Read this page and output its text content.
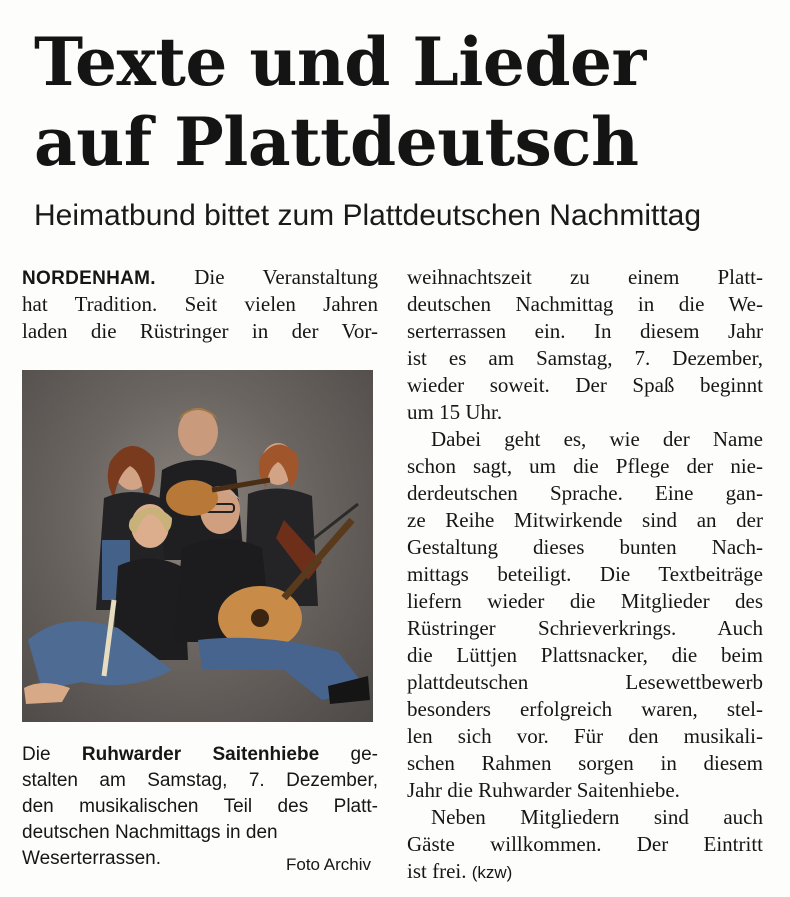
Texte und Lieder
auf Plattdeutsch
Heimatbund bittet zum Plattdeutschen Nachmittag
NORDENHAM. Die Veranstaltung
hat Tradition. Seit vielen Jahren
laden die Rüstringer in der Vor-
Die Ruhwarder Saitenhiebe ge-
stalten am Samstag, 7. Dezember,
den musikalischen Teil des Platt-
deutschen Nachmittags in den
Weserterrassen.	Foto Archiv
weihnachtszeit zu einem Platt-
deutschen Nachmittag in die We-
serterrassen ein. In diesem Jahr
ist es am Samstag, 7. Dezember,
wieder soweit. Der Spaß beginnt
um 15 Uhr.
Dabei geht es, wie der Name
schon sagt, um die Pflege der nie-
derdeutschen Sprache. Eine gan-
ze Reihe Mitwirkende sind an der
Gestaltung dieses bunten Nach-
mittags beteiligt. Die Textbeiträge
liefern wieder die Mitglieder des
Rüstringer Schrieverkrings. Auch
die Lüttjen Plattsnacker, die beim
plattdeutschen Lesewettbewerb
besonders erfolgreich waren, stel-
len sich vor. Für den musikali-
schen Rahmen sorgen in diesem
Jahr die Ruhwarder Saitenhiebe.
Neben Mitgliedern sind auch
Gäste willkommen. Der Eintritt
ist frei. (kzw)
